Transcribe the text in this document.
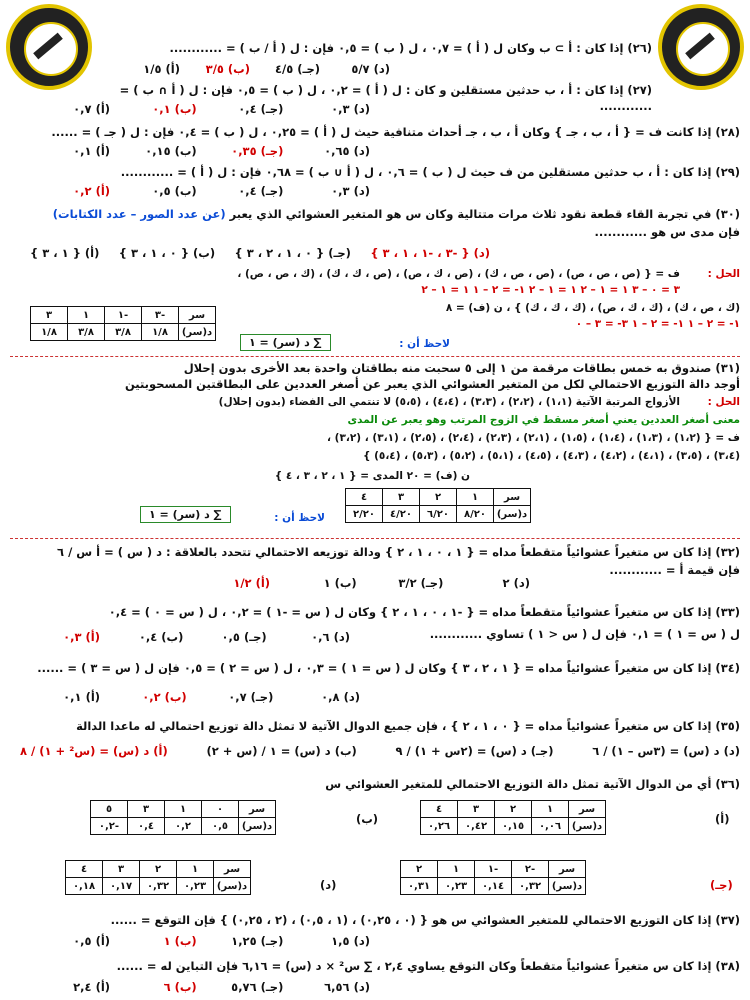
(٢٦) إذا كان : ﺃ ⊃ ب وكان ل ( ﺃ ) = ٠,٧ ، ل ( ب ) = ٠,٥ فإن : ل ( ﺃ / ب ) = ............
(د) ٥/٧
(جـ) ٤/٥
(ب) ٣/٥
(أ) ١/٥
(٢٧) إذا كان : ﺃ ، ب حدثين مستقلين و كان : ل ( ﺃ ) = ٠,٢ ، ل ( ب ) = ٠,٥ فإن : ل ( ﺃ ∩ ب ) = ............
(د) ٠,٣
(جـ) ٠,٤
(ب) ٠,١
(أ) ٠,٧
(٢٨) إذا كانت ف = { ﺃ ، ب ، جـ } وكان ﺃ ، ب ، جـ أحداث متنافية حيث ل ( ﺃ ) = ٠,٢٥ ، ل ( ب ) = ٠,٤ فإن : ل ( جـ ) = ......
(د) ٠,٦٥
(جـ) ٠,٣٥
(ب) ٠,١٥
(أ) ٠,١
(٢٩) إذا كان : ﺃ ، ب حدثين مستقلين من ف حيث ل ( ب ) = ٠,٦ ، ل ( ﺃ ∪ ب ) = ٠,٦٨ فإن : ل ( ﺃ ) = ............
(د) ٠,٣
(جـ) ٠,٤
(ب) ٠,٥
(أ) ٠,٢
(٣٠) في تجربة القاء قطعة نقود ثلاث مرات متتالية وكان س هو المتغير العشوائي الذي يعبر (عن عدد الصور – عدد الكتابات)
فإن مدى س هو ............
(د) { -٣ ، -١ ، ١ ، ٣ }
(جـ) { ٠ ، ١ ، ٢ ، ٣ }
(ب) { ٠ ، ١ ، ٣ }
(أ) { ١ ، ٣ }
الحل :
ف = { (ص ، ص ، ص) ، (ص ، ص ، ك) ، (ص ، ك ، ص) ، (ص ، ك ، ك) ، (ك ، ص ، ص) ،
٣ = ٠ – ٣ ١ = ١ – ٢ ١ = ١ – ٢ ١- = ٢ – ١ ١ = ١ – ٢
(ك ، ص ، ك) ، (ك ، ك ، ص) ، (ك ، ك ، ك) } ، ن (ف) = ٨
١- = ٢ – ١ ١- = ٢ – ١ ٣- = ٣ – ٠
سر	-٣	-١	١	٣
د(سر)	١/٨	٣/٨	٣/٨	١/٨
لاحظ أن :
∑ د (سر) = ١
(٣١) صندوق به خمس بطاقات مرقمة من ١ إلى ٥ سحبت منه بطاقتان واحدة بعد الأخرى بدون إحلال
أوجد دالة التوزيع الاحتمالي لكل من المتغير العشوائي الذي يعبر عن أصغر العددين على البطاقتين المسحوبتين
الحل :
الأزواج المرتبة الآتية (١،١) ، (٢،٢) ، (٣،٣) ، (٤،٤) ، (٥،٥) لا تنتمي الى الفضاء (بدون إحلال)
معنى أصغر العددين يعني أصغر مسقط في الزوج المرتب وهو يعبر عن المدى
ف = { (١،٢) ، (١،٣) ، (١،٤) ، (١،٥) ، (٢،١) ، (٢،٣) ، (٢،٤) ، (٢،٥) ، (٣،١) ، (٣،٢) ،
(٣،٤) ، (٣،٥) ، (٤،١) ، (٤،٢) ، (٤،٣) ، (٤،٥) ، (٥،١) ، (٥،٢) ، (٥،٣) ، (٥،٤) }
ن (ف) = ٢٠ المدى = { ١ ، ٢ ، ٣ ، ٤ }
سر	١	٢	٣	٤
د(سر)	٨/٢٠	٦/٢٠	٤/٢٠	٢/٢٠
لاحظ أن :
∑ د (سر) = ١
(٣٢) إذا كان س متغيراً عشوائياً متقطعاً مداه = { ١ ، ٠ ، ١ ، ٢ } ودالة توزيعه الاحتمالي تتحدد بالعلاقة : د ( س ) = ﺃ س / ٦
فإن قيمة ﺃ = ............
(د) ٢
(جـ) ٣/٢
(ب) ١
(أ) ١/٢
(٣٣) إذا كان س متغيراً عشوائياً متقطعاً مداه = { -١ ، ٠ ، ١ ، ٢ } وكان ل ( س = -١ ) = ٠,٢ ، ل ( س = ٠ ) = ٠,٤
ل ( س = ١ ) = ٠,١ فإن ل ( س < ١ ) تساوي ............
(د) ٠,٦
(جـ) ٠,٥
(ب) ٠,٤
(أ) ٠,٣
(٣٤) إذا كان س متغيراً عشوائياً مداه = { ١ ، ٢ ، ٣ } وكان ل ( س = ١ ) = ٠,٣ ، ل ( س = ٢ ) = ٠,٥ فإن ل ( س = ٣ ) = ......
(د) ٠,٨
(جـ) ٠,٧
(ب) ٠,٢
(أ) ٠,١
(٣٥) إذا كان س متغيراً عشوائياً مداه = { ٠ ، ١ ، ٢ } ، فإن جميع الدوال الآتية لا تمثل دالة توزيع احتمالي له ماعدا الدالة
(د) د (س) = (٣س – ١) / ٦
(جـ) د (س) = (٢س + ١) / ٩
(ب) د (س) = ١ / (س + ٢)
(أ) د (س) = (س² + ١) / ٨
(٣٦) أي من الدوال الآتية تمثل دالة التوزيع الاحتمالي للمتغير العشوائي س
(أ)
سر	١	٢	٣	٤
د(سر)	٠,٠٦	٠,١٥	٠,٤٢	٠,٢٦
(ب)
سر	٠	١	٣	٥
د(سر)	٠,٥	٠,٢	٠,٤	-٠,٢
(جـ)
سر	-٢	-١	١	٢
د(سر)	٠,٣٢	٠,١٤	٠,٢٣	٠,٣١
(د)
سر	١	٢	٣	٤
د(سر)	٠,٢٣	٠,٣٢	٠,١٧	٠,١٨
(٣٧) إذا كان التوزيع الاحتمالي للمتغير العشوائي س هو { (٠ ، ٠,٢٥) ، (١ ، ٠,٥) ، (٢ ، ٠,٢٥) } فإن التوقع = ......
(د) ١,٥
(جـ) ١,٢٥
(ب) ١
(أ) ٠,٥
(٣٨) إذا كان س متغيراً عشوائياً متقطعاً وكان التوقع يساوي ٢,٤ ، ∑ س² × د (س) = ٦,١٦ فإن التباين له = ......
(د) ٦,٥٦
(جـ) ٥,٧٦
(ب) ٦
(أ) ٢,٤
